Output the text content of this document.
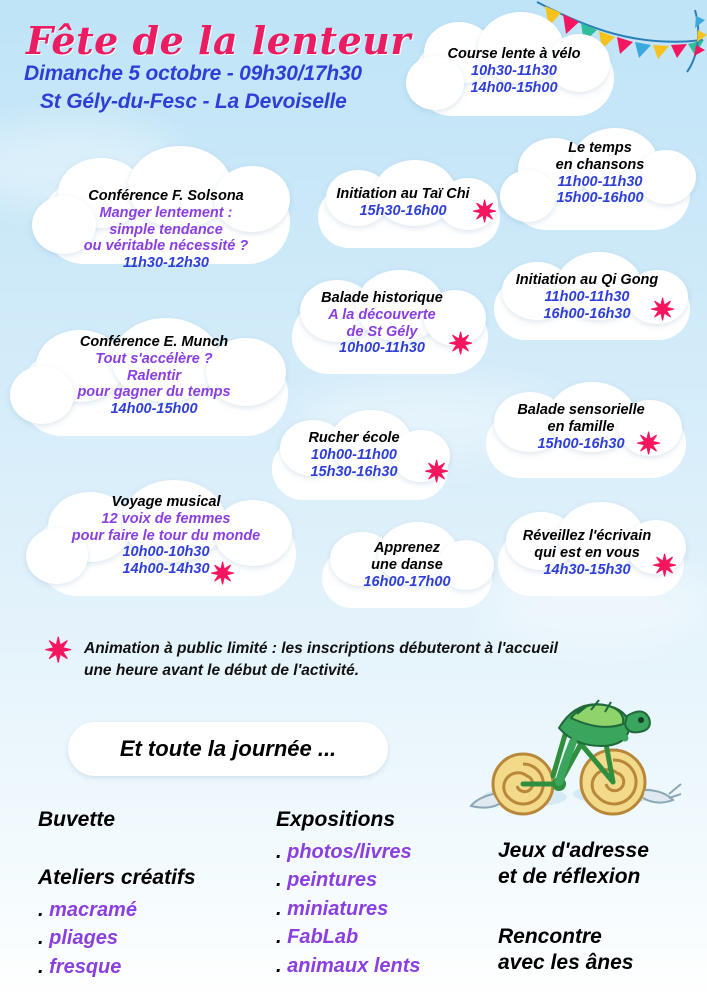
Fête de la lenteur
Dimanche 5 octobre - 09h30/17h30
St Gély-du-Fesc - La Devoiselle
Course lente à vélo
10h30-11h30
14h00-15h00
Conférence F. Solsona
Manger lentement :
simple tendance
ou véritable nécessité ?
11h30-12h30
Initiation au Taï Chi
15h30-16h00 ✷
Le temps
en chansons
11h00-11h30
15h00-16h00
Initiation au Qi Gong
11h00-11h30
16h00-16h30 ✷
Balade historique
A la découverte
de St Gély
10h00-11h30 ✷
Conférence E. Munch
Tout s'accélère ?
Ralentir
pour gagner du temps
14h00-15h00	Balade sensorielle
en famille
15h00-16h30 ✷
Rucher école
10h00-11h00
15h30-16h30 ✷
Voyage musical
12 voix de femmes
pour faire le tour du monde
10h00-10h30
14h00-14h30 ✷
Apprenez
une danse
16h00-17h00
Réveillez l'écrivain
qui est en vous
14h30-15h30 ✷
✷ Animation à public limité : les inscriptions débuteront à l'accueil
une heure avant le début de l'activité.
Et toute la journée ...
Buvette
Ateliers créatifs
. macramé
. pliages
. fresque
Expositions
. photos/livres
. peintures
. miniatures
. FabLab
. animaux lents
Jeux d'adresse
et de réflexion
Rencontre
avec les ânes
